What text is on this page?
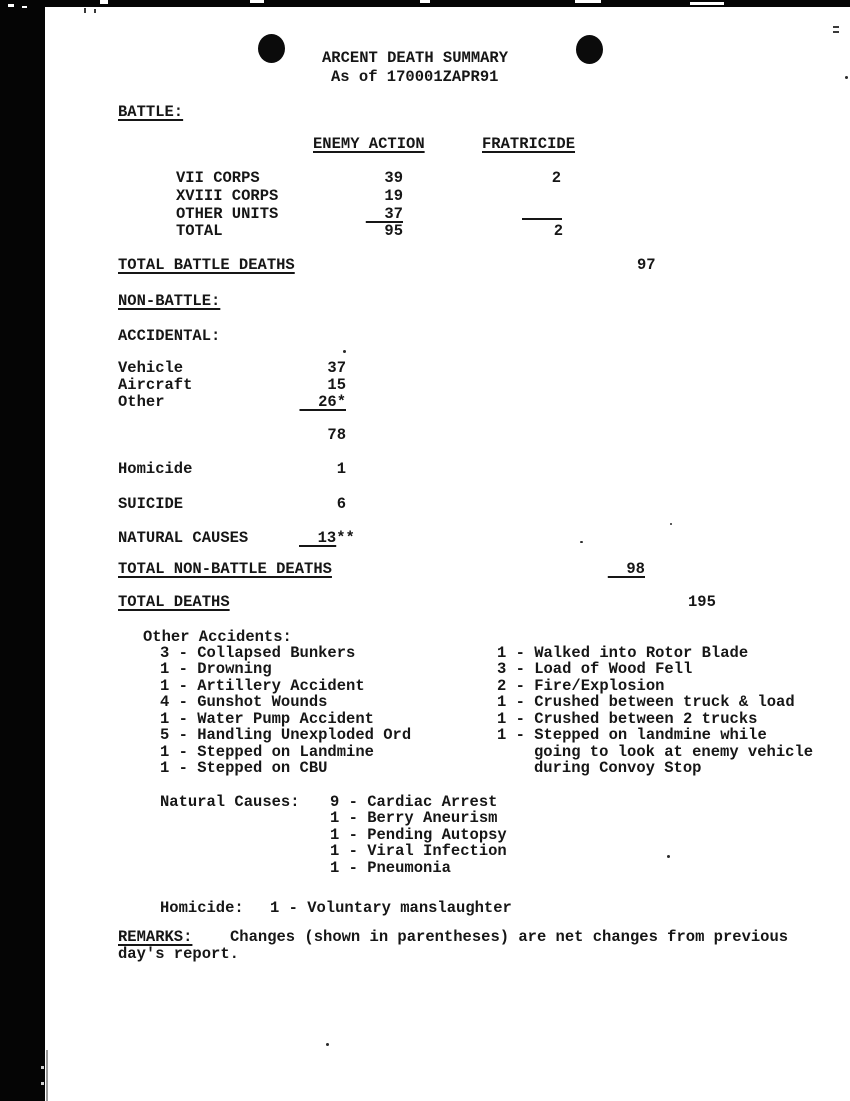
ARCENT DEATH SUMMARY
As of 170001ZAPR91
BATTLE:
ENEMY ACTION	FRATRICIDE
VII CORPS	39	2
XVIII CORPS	19
OTHER UNITS	37
TOTAL	95	2
TOTAL BATTLE DEATHS	97
NON-BATTLE:
ACCIDENTAL:
Vehicle	37
Aircraft	15
Other	26*
78
Homicide	1
SUICIDE	6
NATURAL CAUSES	13**
TOTAL NON-BATTLE DEATHS	98
TOTAL DEATHS	195
Other Accidents:
3 - Collapsed Bunkers
1 - Drowning
1 - Artillery Accident
4 - Gunshot Wounds
1 - Water Pump Accident
5 - Handling Unexploded Ord
1 - Stepped on Landmine
1 - Stepped on CBU
1 - Walked into Rotor Blade
3 - Load of Wood Fell
2 - Fire/Explosion
1 - Crushed between truck & load
1 - Crushed between 2 trucks
1 - Stepped on landmine while
going to look at enemy vehicle
during Convoy Stop
Natural Causes: 9 - Cardiac Arrest
1 - Berry Aneurism
1 - Pending Autopsy
1 - Viral Infection
1 - Pneumonia
Homicide: 1 - Voluntary manslaughter
REMARKS: Changes (shown in parentheses) are net changes from previous
day's report.
